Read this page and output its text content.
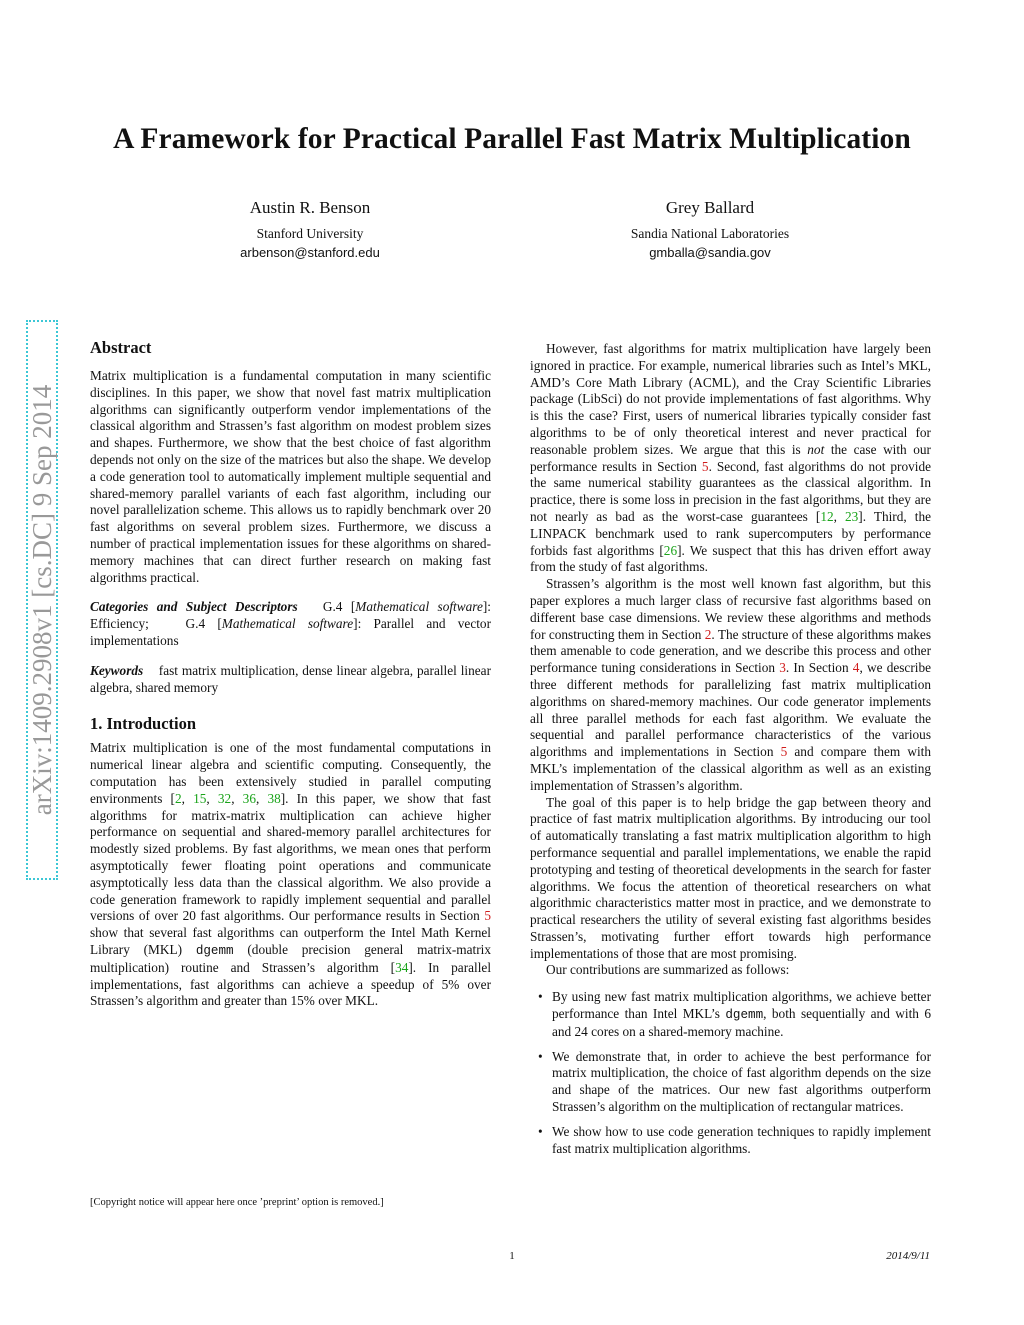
A Framework for Practical Parallel Fast Matrix Multiplication
Austin R. Benson
Stanford University
arbenson@stanford.edu
Grey Ballard
Sandia National Laboratories
gmballa@sandia.gov
arXiv:1409.2908v1 [cs.DC] 9 Sep 2014
Abstract

Matrix multiplication is a fundamental computation in many scientific disciplines. In this paper, we show that novel fast matrix multiplication algorithms can significantly outperform vendor implementations of the classical algorithm and Strassen’s fast algorithm on modest problem sizes and shapes. Furthermore, we show that the best choice of fast algorithm depends not only on the size of the matrices but also the shape. We develop a code generation tool to automatically implement multiple sequential and shared-memory parallel variants of each fast algorithm, including our novel parallelization scheme. This allows us to rapidly benchmark over 20 fast algorithms on several problem sizes. Furthermore, we discuss a number of practical implementation issues for these algorithms on shared-memory machines that can direct further research on making fast algorithms practical.

Categories and Subject Descriptors G.4 [Mathematical software]: Efficiency;	G.4 [Mathematical software]: Parallel and vector implementations

Keywords fast matrix multiplication, dense linear algebra, parallel linear algebra, shared memory

1. Introduction

Matrix multiplication is one of the most fundamental computations in numerical linear algebra and scientific computing. Consequently, the computation has been extensively studied in parallel computing environments [2, 15, 32, 36, 38]. In this paper, we show that fast algorithms for matrix-matrix multiplication can achieve higher performance on sequential and shared-memory parallel architectures for modestly sized problems. By fast algorithms, we mean ones that perform asymptotically fewer floating point operations and communicate asymptotically less data than the classical algorithm. We also provide a code generation framework to rapidly implement sequential and parallel versions of over 20 fast algorithms. Our performance results in Section 5 show that several fast algorithms can outperform the Intel Math Kernel Library (MKL) dgemm (double precision general matrix-matrix multiplication) routine and Strassen’s algorithm [34]. In parallel implementations, fast algorithms can achieve a speedup of 5% over Strassen’s algorithm and greater than 15% over MKL.

However, fast algorithms for matrix multiplication have largely been ignored in practice. For example, numerical libraries such as Intel’s MKL, AMD’s Core Math Library (ACML), and the Cray Scientific Libraries package (LibSci) do not provide implementations of fast algorithms. Why is this the case? First, users of numerical libraries typically consider fast algorithms to be of only theoretical interest and never practical for reasonable problem sizes. We argue that this is not the case with our performance results in Section 5. Second, fast algorithms do not provide the same numerical stability guarantees as the classical algorithm. In practice, there is some loss in precision in the fast algorithms, but they are not nearly as bad as the worst-case guarantees [12, 23]. Third, the LINPACK benchmark used to rank supercomputers by performance forbids fast algorithms [26]. We suspect that this has driven effort away from the study of fast algorithms.

Strassen’s algorithm is the most well known fast algorithm, but this paper explores a much larger class of recursive fast algorithms based on different base case dimensions. We review these algorithms and methods for constructing them in Section 2. The structure of these algorithms makes them amenable to code generation, and we describe this process and other performance tuning considerations in Section 3. In Section 4, we describe three different methods for parallelizing fast matrix multiplication algorithms on shared-memory machines. Our code generator implements all three parallel methods for each fast algorithm. We evaluate the sequential and parallel performance characteristics of the various algorithms and implementations in Section 5 and compare them with MKL’s implementation of the classical algorithm as well as an existing implementation of Strassen’s algorithm.

The goal of this paper is to help bridge the gap between theory and practice of fast matrix multiplication algorithms. By introducing our tool of automatically translating a fast matrix multiplication algorithm to high performance sequential and parallel implementations, we enable the rapid prototyping and testing of theoretical developments in the search for faster algorithms. We focus the attention of theoretical researchers on what algorithmic characteristics matter most in practice, and we demonstrate to practical researchers the utility of several existing fast algorithms besides Strassen’s, motivating further effort towards high performance implementations of those that are most promising.

Our contributions are summarized as follows:

• By using new fast matrix multiplication algorithms, we achieve better performance than Intel MKL’s dgemm, both sequentially and with 6 and 24 cores on a shared-memory machine.
• We demonstrate that, in order to achieve the best performance for matrix multiplication, the choice of fast algorithm depends on the size and shape of the matrices. Our new fast algorithms outperform Strassen’s algorithm on the multiplication of rectangular matrices.
• We show how to use code generation techniques to rapidly implement fast matrix multiplication algorithms.
[Copyright notice will appear here once ’preprint’ option is removed.]
1	2014/9/11
